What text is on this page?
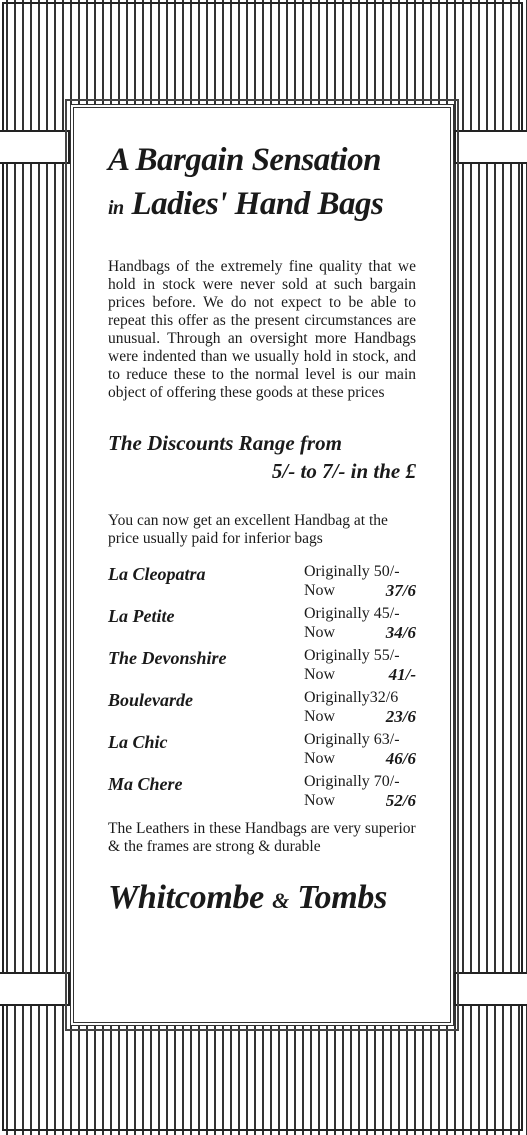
A Bargain Sensation

in Ladies' Hand Bags

Handbags of the extremely fine quality that we hold in stock were never sold at such bargain prices before. We do not expect to be able to repeat this offer as the present circumstances are unusual. Through an oversight more Handbags were indented than we usually hold in stock, and to reduce these to the normal level is our main object of offering these goods at these prices

The Discounts Range from

5/- to 7/- in the £

You can now get an excellent Handbag at the price usually paid for inferior bags

La Cleopatra	Originally 50/-
Now	37/6
La Petite	Originally 45/-
Now	34/6
The Devonshire	Originally 55/-
Now	41/-
Boulevarde	Originally32/6
Now	23/6
La Chic	Originally 63/-
Now	46/6
Ma Chere	Originally 70/-
Now	52/6

The Leathers in these Handbags are very superior & the frames are strong & durable

Whitcombe & Tombs
